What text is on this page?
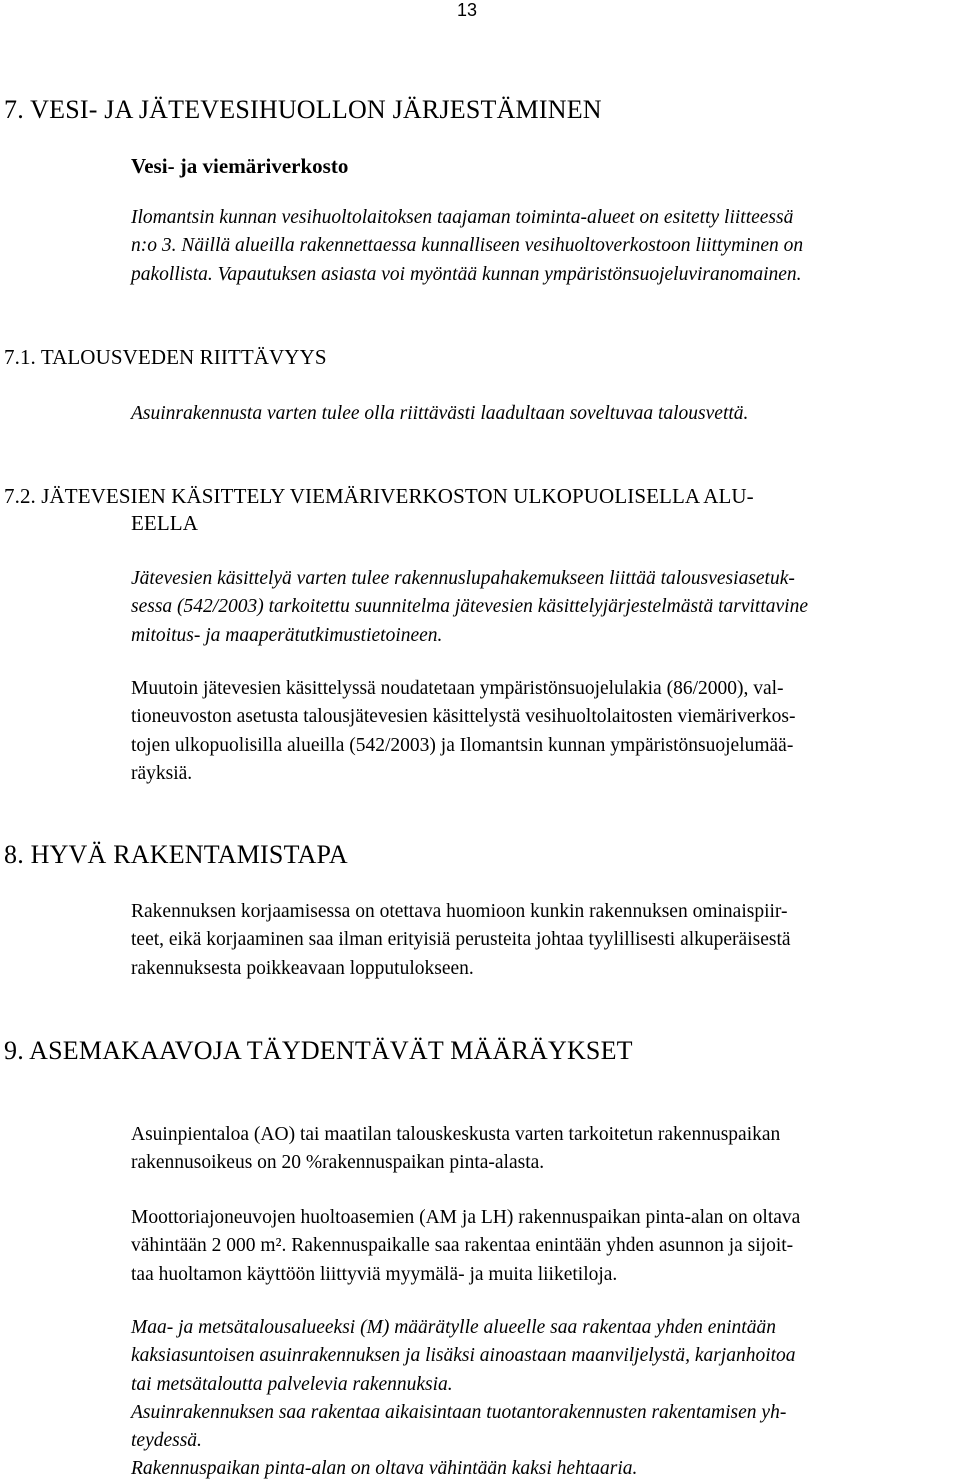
13
7. VESI- JA JÄTEVESIHUOLLON JÄRJESTÄMINEN
Vesi- ja viemäriverkosto
Ilomantsin kunnan vesihuoltolaitoksen taajaman toiminta-alueet on esitetty liitteessä
n:o 3. Näillä alueilla rakennettaessa kunnalliseen vesihuoltoverkostoon liittyminen on
pakollista. Vapautuksen asiasta voi myöntää kunnan ympäristönsuojeluviranomainen.
7.1. TALOUSVEDEN RIITTÄVYYS
Asuinrakennusta varten tulee olla riittävästi laadultaan soveltuvaa talousvettä.
7.2. JÄTEVESIEN KÄSITTELY VIEMÄRIVERKOSTON ULKOPUOLISELLA ALU-
EELLA
Jätevesien käsittelyä varten tulee rakennuslupahakemukseen liittää talousvesiasetuk-
sessa (542/2003) tarkoitettu suunnitelma jätevesien käsittelyjärjestelmästä tarvittavine
mitoitus- ja maaperätutkimustietoineen.
Muutoin jätevesien käsittelyssä noudatetaan ympäristönsuojelulakia (86/2000), val-
tioneuvoston asetusta talousjätevesien käsittelystä vesihuoltolaitosten viemäriverkos-
tojen ulkopuolisilla alueilla (542/2003) ja Ilomantsin kunnan ympäristönsuojelumää-
räyksiä.
8. HYVÄ RAKENTAMISTAPA
Rakennuksen korjaamisessa on otettava huomioon kunkin rakennuksen ominaispiir-
teet, eikä korjaaminen saa ilman erityisiä perusteita johtaa tyylillisesti alkuperäisestä
rakennuksesta poikkeavaan lopputulokseen.
9. ASEMAKAAVOJA TÄYDENTÄVÄT MÄÄRÄYKSET
Asuinpientaloa (AO) tai maatilan talouskeskusta varten tarkoitetun rakennuspaikan
rakennusoikeus on 20 %rakennuspaikan pinta-alasta.
Moottoriajoneuvojen huoltoasemien (AM ja LH) rakennuspaikan pinta-alan on oltava
vähintään 2 000 m². Rakennuspaikalle saa rakentaa enintään yhden asunnon ja sijoit-
taa huoltamon käyttöön liittyviä myymälä- ja muita liiketiloja.
Maa- ja metsätalousalueeksi (M) määrätylle alueelle saa rakentaa yhden enintään
kaksiasuntoisen asuinrakennuksen ja lisäksi ainoastaan maanviljelystä, karjanhoitoa
tai metsätaloutta palvelevia rakennuksia.
Asuinrakennuksen saa rakentaa aikaisintaan tuotantorakennusten rakentamisen yh-
teydessä.
Rakennuspaikan pinta-alan on oltava vähintään kaksi hehtaaria.
